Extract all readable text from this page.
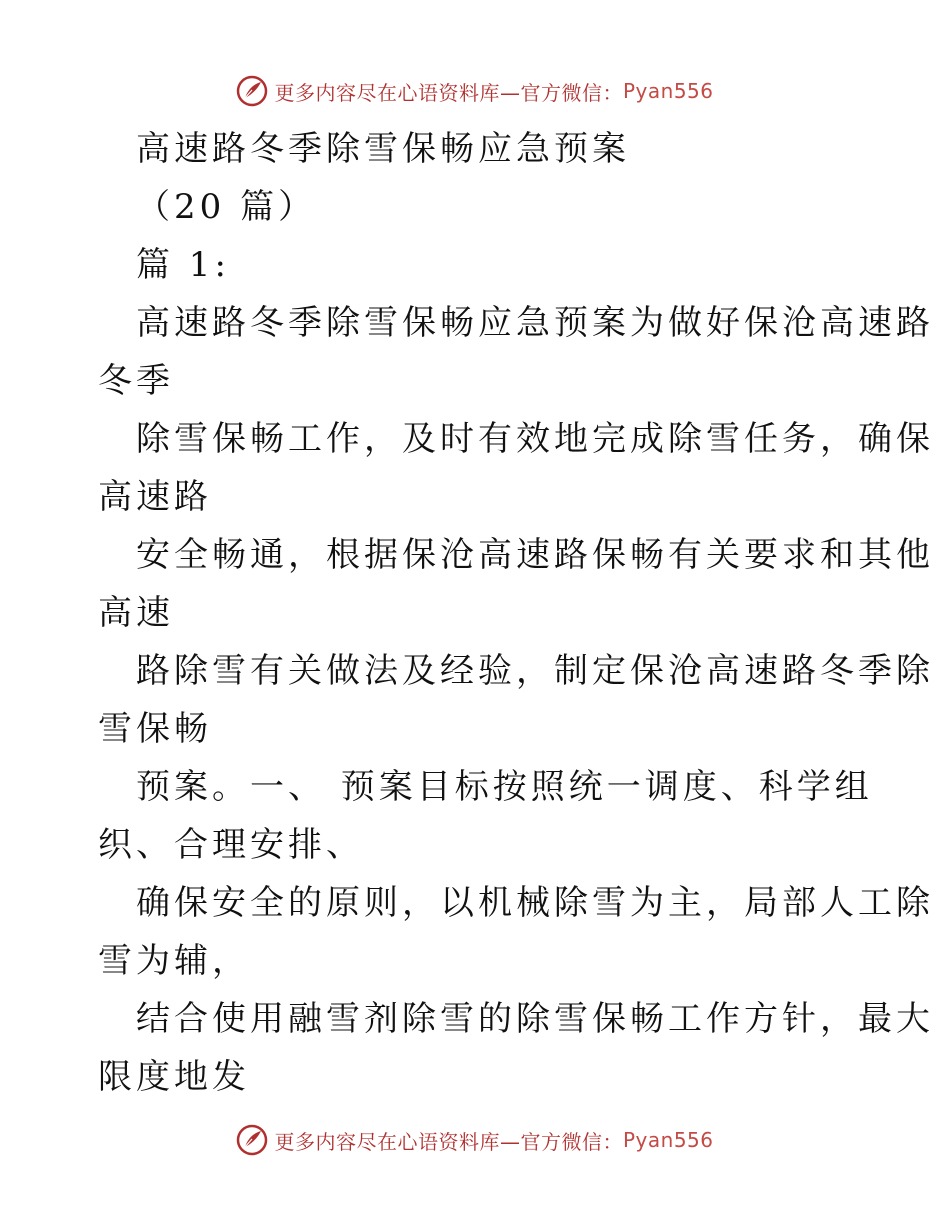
更多内容尽在心语资料库—官方微信： Pyan556
高速路冬季除雪保畅应急预案
（20 篇）
篇 1:
高速路冬季除雪保畅应急预案为做好保沧高速路
冬季
除雪保畅工作，及时有效地完成除雪任务，确保
高速路
安全畅通，根据保沧高速路保畅有关要求和其他
高速
路除雪有关做法及经验，制定保沧高速路冬季除
雪保畅
预案。一、 预案目标按照统一调度、科学组
织、合理安排、
确保安全的原则，以机械除雪为主，局部人工除
雪为辅，
结合使用融雪剂除雪的除雪保畅工作方针，最大
限度地发
更多内容尽在心语资料库—官方微信： Pyan556
